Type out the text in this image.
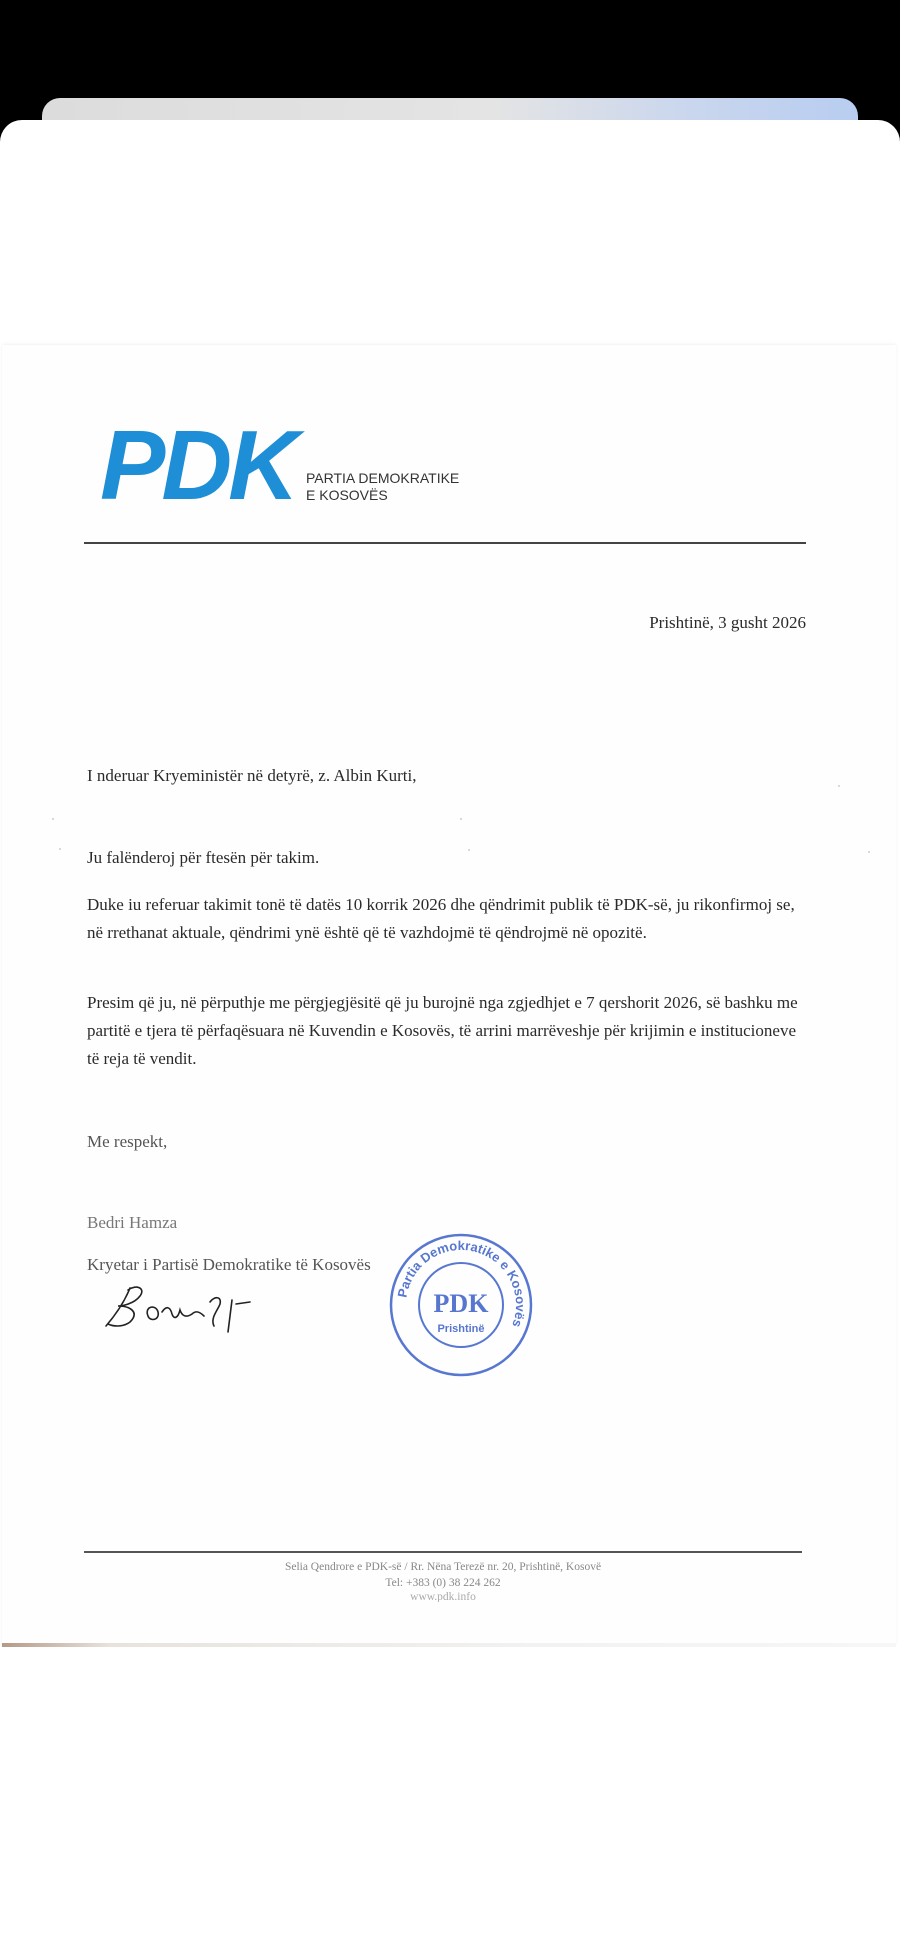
PDK PARTIA DEMOKRATIKE
E KOSOVËS
Prishtinë, 3 gusht 2026
I nderuar Kryeministër në detyrë, z. Albin Kurti,
Ju falënderoj për ftesën për takim.
Duke iu referuar takimit tonë të datës 10 korrik 2026 dhe qëndrimit publik të PDK-së, ju rikonfirmoj se, në rrethanat aktuale, qëndrimi ynë është që të vazhdojmë të qëndrojmë në opozitë.
Presim që ju, në përputhje me përgjegjësitë që ju burojnë nga zgjedhjet e 7 qershorit 2026, së bashku me partitë e tjera të përfaqësuara në Kuvendin e Kosovës, të arrini marrëveshje për krijimin e institucioneve të reja të vendit.
Me respekt,
Bedri Hamza
Kryetar i Partisë Demokratike të Kosovës
Partia Demokratike e Kosovës
PDK
Prishtinë
Selia Qendrore e PDK-së / Rr. Nëna Terezë nr. 20, Prishtinë, Kosovë
Tel: +383 (0) 38 224 262
www.pdk.info
